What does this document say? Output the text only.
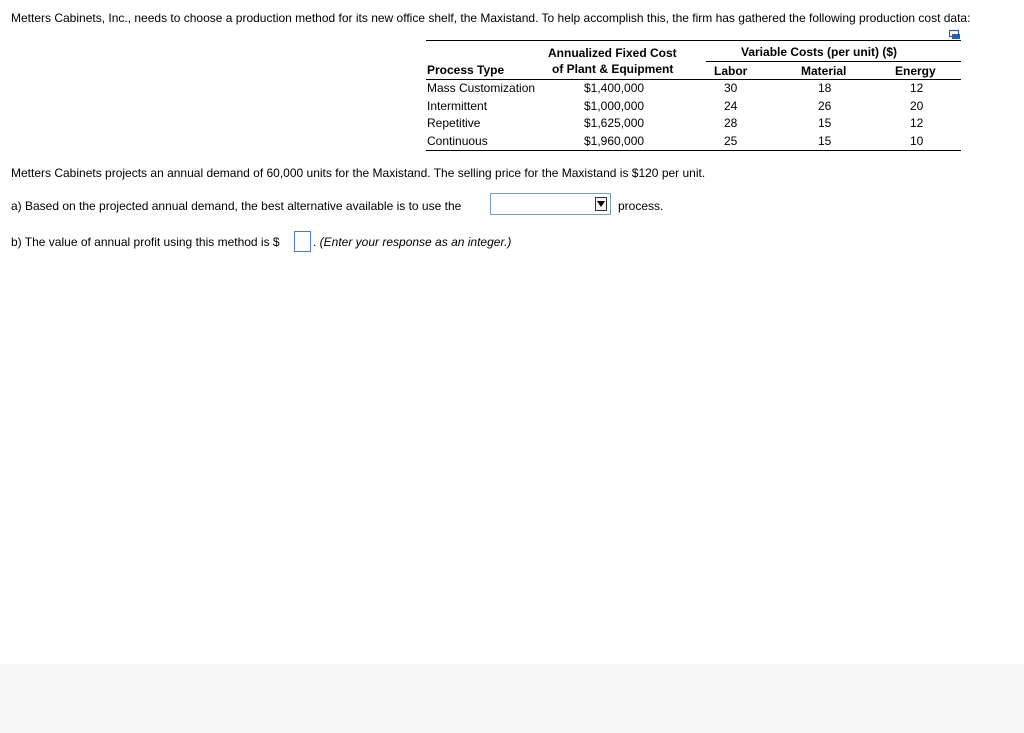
Metters Cabinets, Inc., needs to choose a production method for its new office shelf, the Maxistand. To help accomplish this, the firm has gathered the following production cost data:
Annualized Fixed Cost
of Plant & Equipment
Variable Costs (per unit) ($)
Process Type	Labor	Material	Energy
Mass Customization	$1,400,000	30	18	12
Intermittent	$1,000,000	24	26	20
Repetitive	$1,625,000	28	15	12
Continuous	$1,960,000	25	15	10
Metters Cabinets projects an annual demand of 60,000 units for the Maxistand. The selling price for the Maxistand is $120 per unit.
a) Based on the projected annual demand, the best alternative available is to use the	process.
b) The value of annual profit using this method is $	. (Enter your response as an integer.)
